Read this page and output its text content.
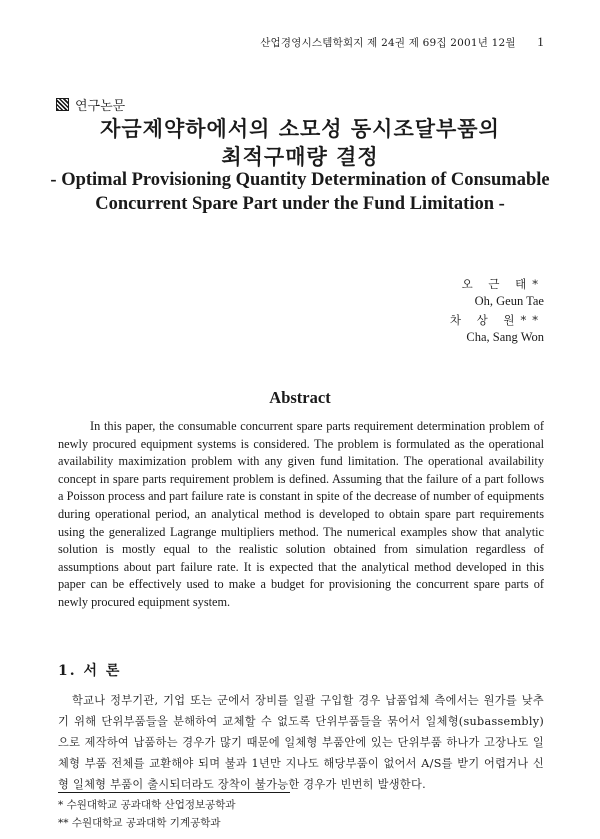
산업경영시스템학회지 제 24권 제 69집 2001년 12월 1
연구논문
자금제약하에서의 소모성 동시조달부품의
최적구매량 결정
- Optimal Provisioning Quantity Determination of Consumable
Concurrent Spare Part under the Fund Limitation -
오 근 태*
Oh, Geun Tae
차 상 원**
Cha, Sang Won
Abstract

In this paper, the consumable concurrent spare parts requirement determination problem of newly procured equipment systems is considered. The problem is formulated as the operational availability maximization problem with any given fund limitation. The operational availability concept in spare parts requirement problem is defined. Assuming that the failure of a part follows a Poisson process and part failure rate is constant in spite of the decrease of number of equipments during operational period, an analytical method is developed to obtain spare part requirements using the generalized Lagrange multipliers method. The numerical examples show that analytic solution is mostly equal to the realistic solution obtained from simulation regardless of assumptions about part failure rate. It is expected that the analytical method developed in this paper can be effectively used to make a budget for provisioning the concurrent spare parts of newly procured equipment system.

1. 서 론

학교나 정부기관, 기업 또는 군에서 장비를 일괄 구입할 경우 납품업체 측에서는 원가를 낮추기 위해 단위부품들을 분해하여 교체할 수 없도록 단위부품들을 묶어서 일체형(subassembly)으로 제작하여 납품하는 경우가 많기 때문에 일체형 부품안에 있는 단위부품 하나가 고장나도 일체형 부품 전체를 교환해야 되며 불과 1년만 지나도 해당부품이 없어서 A/S를 받기 어렵거나 신형 일체형 부품이 출시되더라도 장착이 불가능한 경우가 빈번히 발생한다.

* 수원대학교 공과대학 산업정보공학과
** 수원대학교 공과대학 기계공학과
